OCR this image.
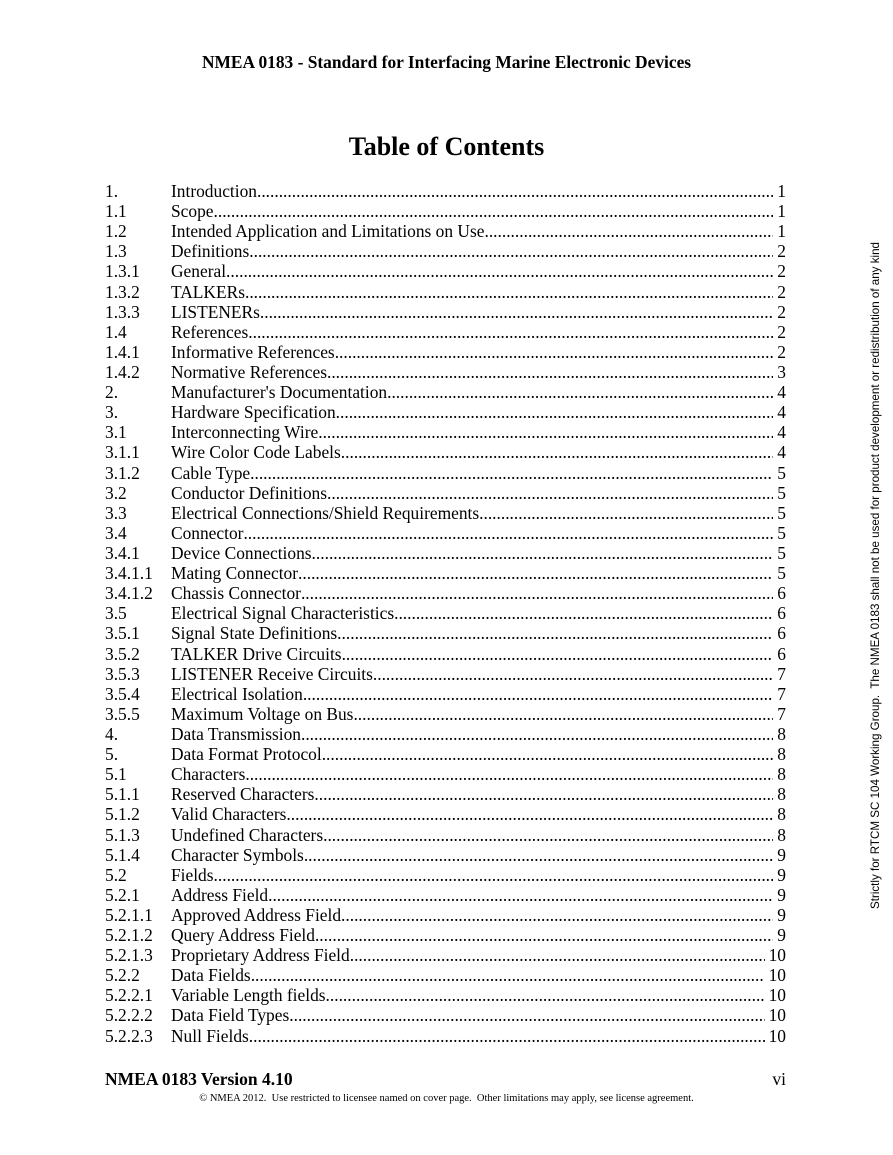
NMEA 0183 - Standard for Interfacing Marine Electronic Devices
Table of Contents
1.	Introduction .....	1
1.1	Scope .....	1
1.2	Intended Application and Limitations on Use .....	1
1.3	Definitions .....	2
1.3.1	General .....	2
1.3.2	TALKERs .....	2
1.3.3	LISTENERs .....	2
1.4	References .....	2
1.4.1	Informative References .....	2
1.4.2	Normative References .....	3
2.	Manufacturer's Documentation .....	4
3.	Hardware Specification .....	4
3.1	Interconnecting Wire .....	4
3.1.1	Wire Color Code Labels .....	4
3.1.2	Cable Type .....	5
3.2	Conductor Definitions .....	5
3.3	Electrical Connections/Shield Requirements .....	5
3.4	Connector .....	5
3.4.1	Device Connections .....	5
3.4.1.1	Mating Connector .....	5
3.4.1.2	Chassis Connector .....	6
3.5	Electrical Signal Characteristics .....	6
3.5.1	Signal State Definitions .....	6
3.5.2	TALKER Drive Circuits .....	6
3.5.3	LISTENER Receive Circuits .....	7
3.5.4	Electrical Isolation .....	7
3.5.5	Maximum Voltage on Bus .....	7
4.	Data Transmission .....	8
5.	Data Format Protocol .....	8
5.1	Characters .....	8
5.1.1	Reserved Characters .....	8
5.1.2	Valid Characters .....	8
5.1.3	Undefined Characters .....	8
5.1.4	Character Symbols .....	9
5.2	Fields .....	9
5.2.1	Address Field .....	9
5.2.1.1	Approved Address Field .....	9
5.2.1.2	Query Address Field .....	9
5.2.1.3	Proprietary Address Field .....	10
5.2.2	Data Fields .....	10
5.2.2.1	Variable Length fields .....	10
5.2.2.2	Data Field Types .....	10
5.2.2.3	Null Fields .....	10
NMEA 0183 Version 4.10	vi
© NMEA 2012.  Use restricted to licensee named on cover page.  Other limitations may apply, see license agreement.
Strictly for RTCM SC 104 Working Group.  The NMEA 0183 shall not be used for product development or redistribution of any kind
